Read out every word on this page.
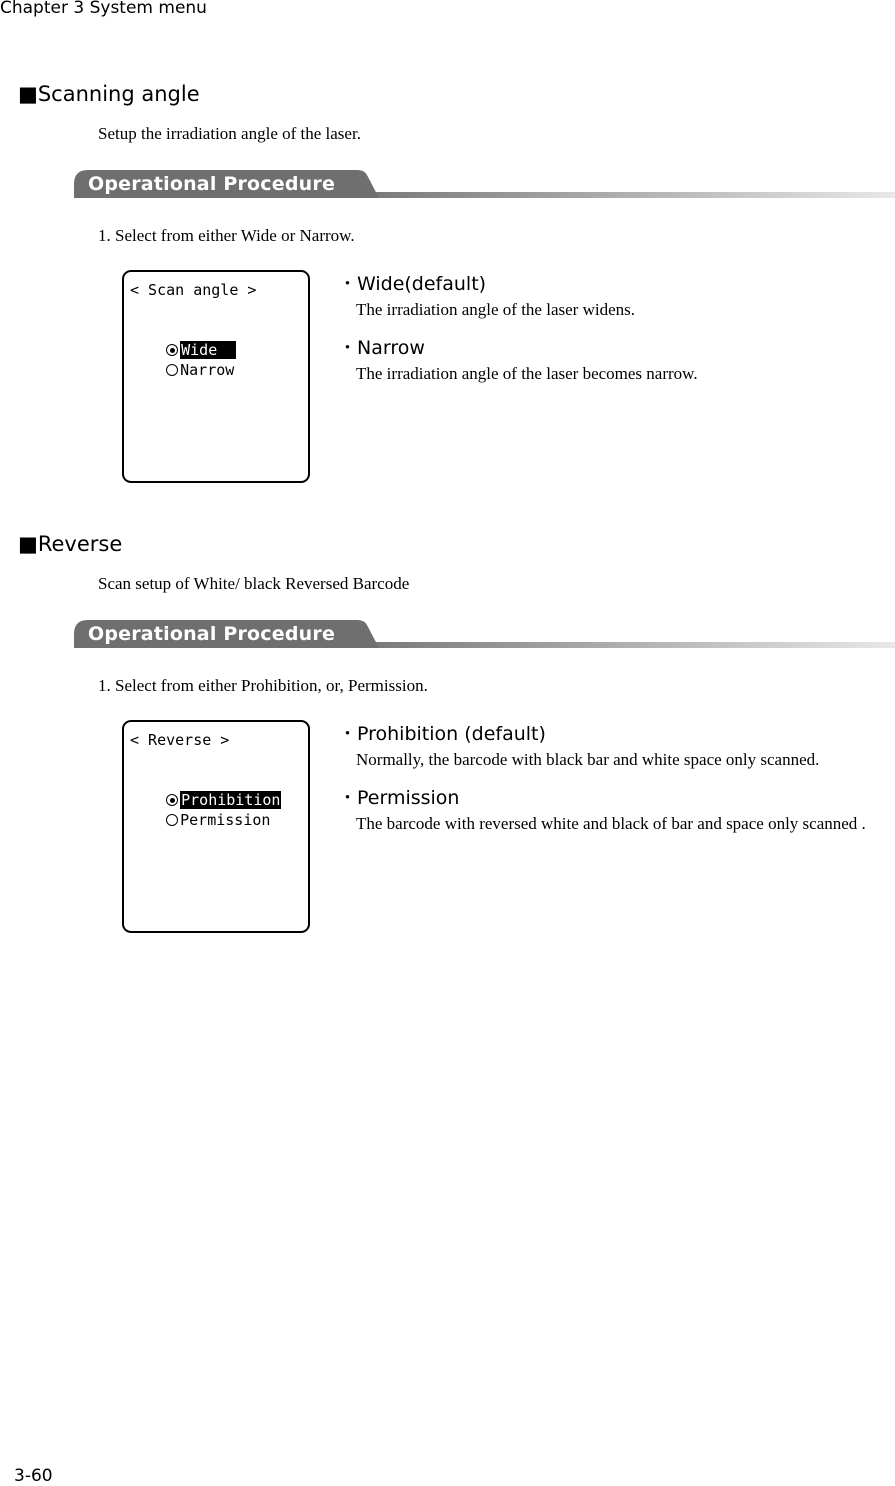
Chapter 3 System menu
■Scanning angle
Setup the irradiation angle of the laser.
Operational Procedure
1. Select from either Wide or Narrow.
< Scan angle >

Wide

Narrow

・Wide(default)
The irradiation angle of the laser widens.
・Narrow
The irradiation angle of the laser becomes narrow.
■Reverse
Scan setup of White/ black Reversed Barcode
Operational Procedure
1. Select from either Prohibition, or, Permission.
< Reverse >

Prohibition

Permission

・Prohibition (default)
Normally, the barcode with black bar and white space only scanned.
・Permission
The barcode with reversed white and black of bar and space only scanned .
3-60
